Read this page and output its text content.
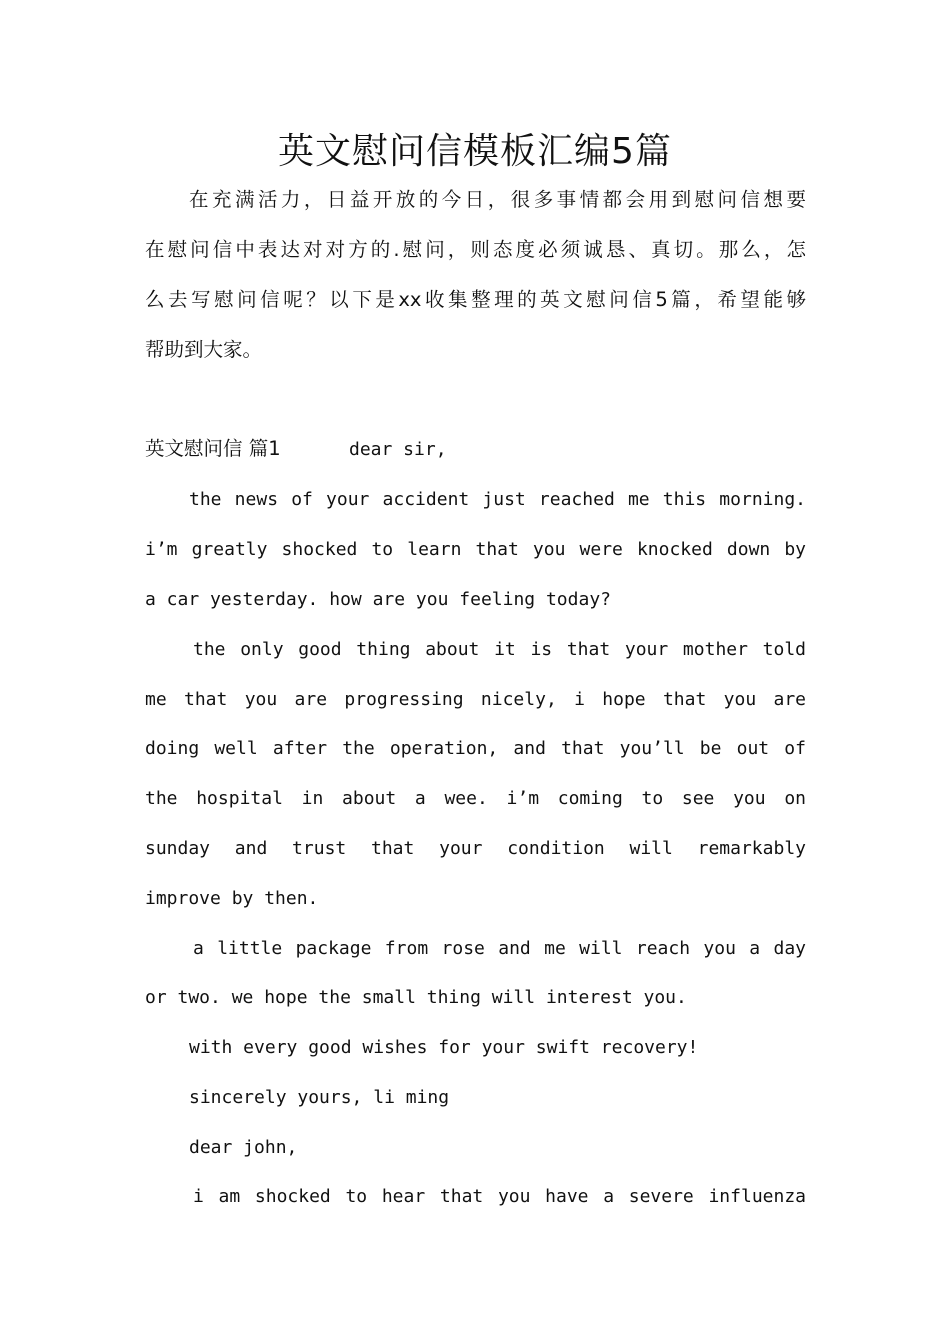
英文慰问信模板汇编5篇
在充满活力，日益开放的今日，很多事情都会用到慰问信想要
在慰问信中表达对对方的.慰问，则态度必须诚恳、真切。那么，怎
么去写慰问信呢？以下是xx收集整理的英文慰问信5篇，希望能够
帮助到大家。
英文慰问信 篇1	dear sir,
the news of your accident just reached me this morning.
i’m greatly shocked to learn that you were knocked down by
a car yesterday. how are you feeling today?
the only good thing about it is that your mother told
me that you are progressing nicely, i hope that you are
doing well after the operation, and that you’ll be out of
the hospital in about a wee. i’m coming to see you on
sunday and trust that your condition will remarkably
improve by then.
a little package from rose and me will reach you a day
or two. we hope the small thing will interest you.
with every good wishes for your swift recovery!
sincerely yours, li ming
dear john,
i am shocked to hear that you have a severe influenza
